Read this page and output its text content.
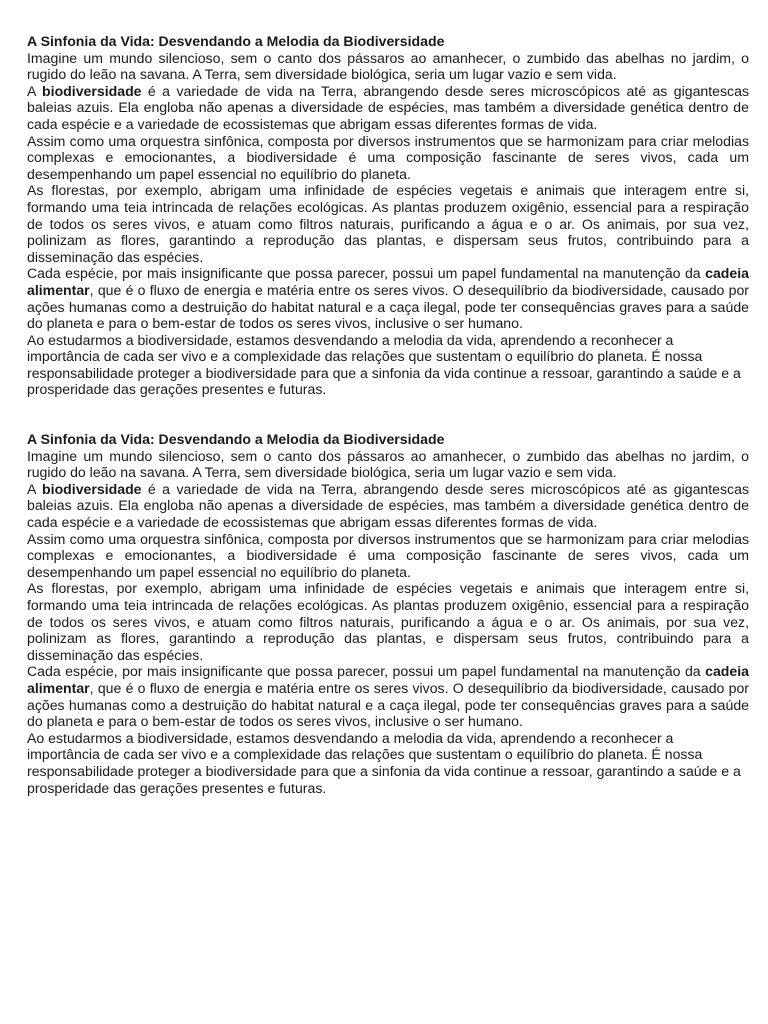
A Sinfonia da Vida: Desvendando a Melodia da Biodiversidade

Imagine um mundo silencioso, sem o canto dos pássaros ao amanhecer, o zumbido das abelhas no jardim, o rugido do leão na savana. A Terra, sem diversidade biológica, seria um lugar vazio e sem vida.

A biodiversidade é a variedade de vida na Terra, abrangendo desde seres microscópicos até as gigantescas baleias azuis. Ela engloba não apenas a diversidade de espécies, mas também a diversidade genética dentro de cada espécie e a variedade de ecossistemas que abrigam essas diferentes formas de vida.

Assim como uma orquestra sinfônica, composta por diversos instrumentos que se harmonizam para criar melodias complexas e emocionantes, a biodiversidade é uma composição fascinante de seres vivos, cada um desempenhando um papel essencial no equilíbrio do planeta.

As florestas, por exemplo, abrigam uma infinidade de espécies vegetais e animais que interagem entre si, formando uma teia intrincada de relações ecológicas. As plantas produzem oxigênio, essencial para a respiração de todos os seres vivos, e atuam como filtros naturais, purificando a água e o ar. Os animais, por sua vez, polinizam as flores, garantindo a reprodução das plantas, e dispersam seus frutos, contribuindo para a disseminação das espécies.

Cada espécie, por mais insignificante que possa parecer, possui um papel fundamental na manutenção da cadeia alimentar, que é o fluxo de energia e matéria entre os seres vivos. O desequilíbrio da biodiversidade, causado por ações humanas como a destruição do habitat natural e a caça ilegal, pode ter consequências graves para a saúde do planeta e para o bem-estar de todos os seres vivos, inclusive o ser humano.

Ao estudarmos a biodiversidade, estamos desvendando a melodia da vida, aprendendo a reconhecer a importância de cada ser vivo e a complexidade das relações que sustentam o equilíbrio do planeta. É nossa responsabilidade proteger a biodiversidade para que a sinfonia da vida continue a ressoar, garantindo a saúde e a prosperidade das gerações presentes e futuras.

A Sinfonia da Vida: Desvendando a Melodia da Biodiversidade

Imagine um mundo silencioso, sem o canto dos pássaros ao amanhecer, o zumbido das abelhas no jardim, o rugido do leão na savana. A Terra, sem diversidade biológica, seria um lugar vazio e sem vida.

A biodiversidade é a variedade de vida na Terra, abrangendo desde seres microscópicos até as gigantescas baleias azuis. Ela engloba não apenas a diversidade de espécies, mas também a diversidade genética dentro de cada espécie e a variedade de ecossistemas que abrigam essas diferentes formas de vida.

Assim como uma orquestra sinfônica, composta por diversos instrumentos que se harmonizam para criar melodias complexas e emocionantes, a biodiversidade é uma composição fascinante de seres vivos, cada um desempenhando um papel essencial no equilíbrio do planeta.

As florestas, por exemplo, abrigam uma infinidade de espécies vegetais e animais que interagem entre si, formando uma teia intrincada de relações ecológicas. As plantas produzem oxigênio, essencial para a respiração de todos os seres vivos, e atuam como filtros naturais, purificando a água e o ar. Os animais, por sua vez, polinizam as flores, garantindo a reprodução das plantas, e dispersam seus frutos, contribuindo para a disseminação das espécies.

Cada espécie, por mais insignificante que possa parecer, possui um papel fundamental na manutenção da cadeia alimentar, que é o fluxo de energia e matéria entre os seres vivos. O desequilíbrio da biodiversidade, causado por ações humanas como a destruição do habitat natural e a caça ilegal, pode ter consequências graves para a saúde do planeta e para o bem-estar de todos os seres vivos, inclusive o ser humano.

Ao estudarmos a biodiversidade, estamos desvendando a melodia da vida, aprendendo a reconhecer a importância de cada ser vivo e a complexidade das relações que sustentam o equilíbrio do planeta. É nossa responsabilidade proteger a biodiversidade para que a sinfonia da vida continue a ressoar, garantindo a saúde e a prosperidade das gerações presentes e futuras.
